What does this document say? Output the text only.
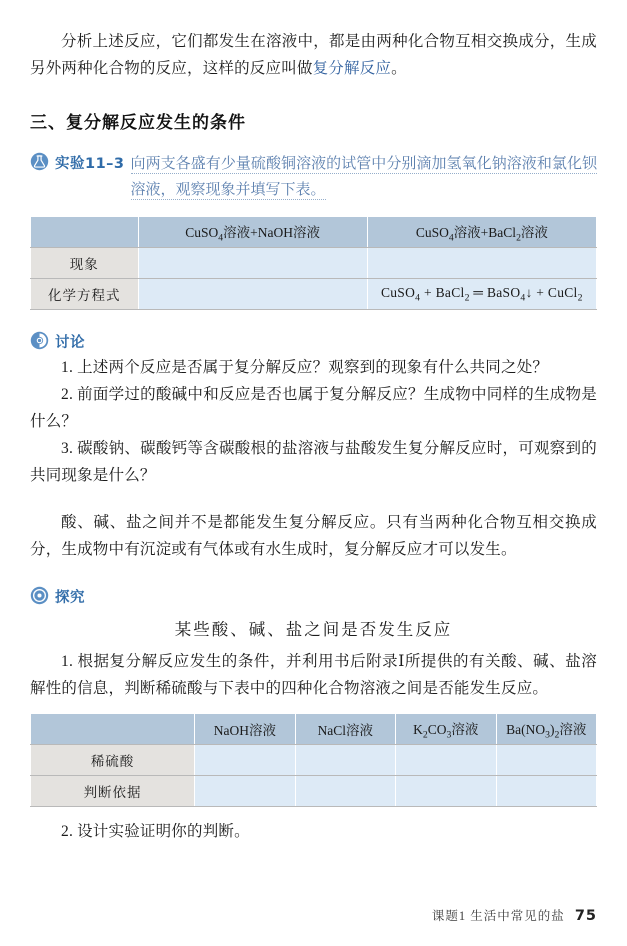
分析上述反应，它们都发生在溶液中，都是由两种化合物互相交换成分，生成另外两种化合物的反应，这样的反应叫做复分解反应。

三、复分解反应发生的条件
实验11–3 向两支各盛有少量硫酸铜溶液的试管中分别滴加氢氧化钠溶液和氯化钡溶液，观察现象并填写下表。
	CuSO$_4$溶液+NaOH溶液	CuSO$_4$溶液+BaCl$_2$溶液
现象		
化学方程式		CuSO$_4$ + BaCl$_2$ ═ BaSO$_4$↓ + CuCl$_2$
讨论

1. 上述两个反应是否属于复分解反应？观察到的现象有什么共同之处？

2. 前面学过的酸碱中和反应是否也属于复分解反应？生成物中同样的生成物是什么？

3. 碳酸钠、碳酸钙等含碳酸根的盐溶液与盐酸发生复分解反应时，可观察到的共同现象是什么？

酸、碱、盐之间并不是都能发生复分解反应。只有当两种化合物互相交换成分，生成物中有沉淀或有气体或有水生成时，复分解反应才可以发生。

探究

某些酸、碱、盐之间是否发生反应

1. 根据复分解反应发生的条件，并利用书后附录Ⅰ所提供的有关酸、碱、盐溶解性的信息，判断稀硫酸与下表中的四种化合物溶液之间是否能发生反应。

	NaOH溶液	NaCl溶液	$K_2CO_3$溶液	$Ba(NO_3)_2$溶液
稀硫酸				
判断依据				

2. 设计实验证明你的判断。

课题1 生活中常见的盐 75
